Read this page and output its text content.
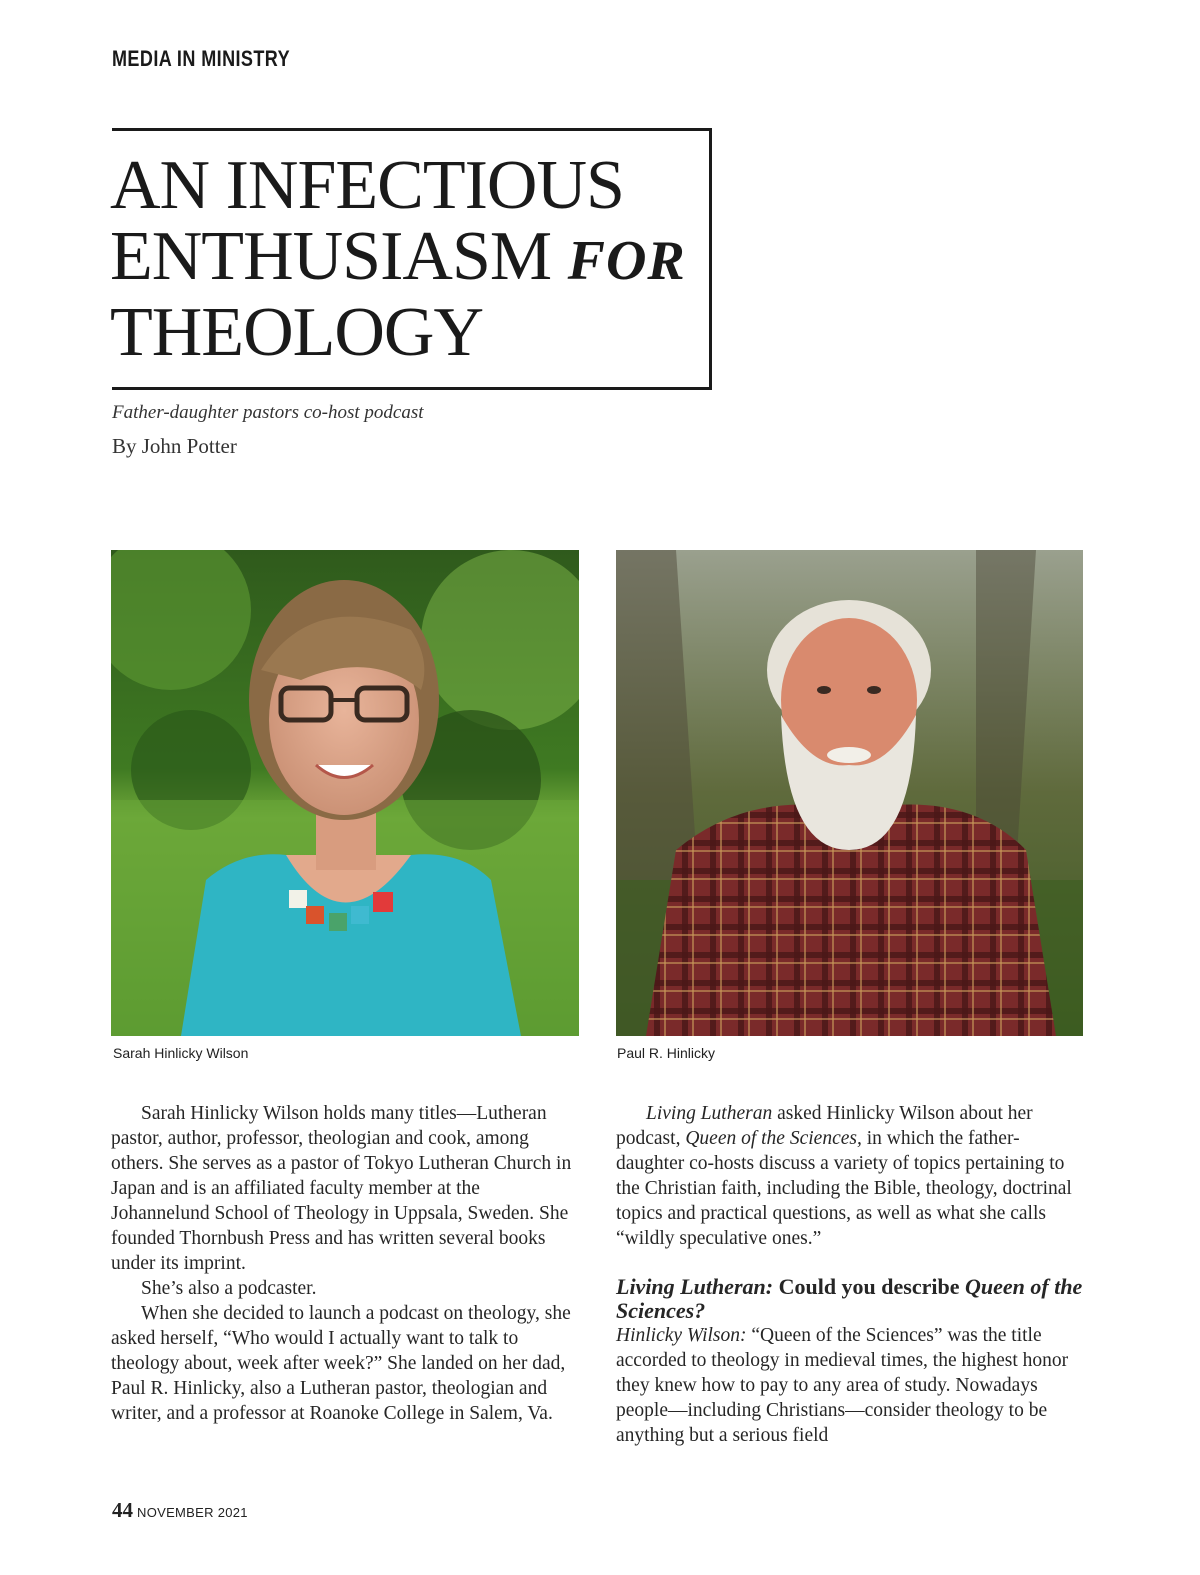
MEDIA IN MINISTRY
AN INFECTIOUS
ENTHUSIASM FOR
THEOLOGY
Father-daughter pastors co-host podcast
By John Potter
Sarah Hinlicky Wilson	Paul R. Hinlicky

Sarah Hinlicky Wilson holds many titles—Lutheran pastor, author, professor, theologian and cook, among others. She serves as a pastor of Tokyo Lutheran Church in Japan and is an affiliated faculty member at the Johannelund School of Theology in Uppsala, Sweden. She founded Thornbush Press and has written several books under its imprint.

She’s also a podcaster.

When she decided to launch a podcast on theology, she asked herself, “Who would I actually want to talk to theology about, week after week?” She landed on her dad, Paul R. Hinlicky, also a Lutheran pastor, theologian and writer, and a professor at Roanoke College in Salem, Va.

Living Lutheran asked Hinlicky Wilson about her podcast, Queen of the Sciences, in which the father-daughter co-hosts discuss a variety of topics pertaining to the Christian faith, including the Bible, theology, doctrinal topics and practical questions, as well as what she calls “wildly speculative ones.”

Living Lutheran: Could you describe Queen of the Sciences?

Hinlicky Wilson: “Queen of the Sciences” was the title accorded to theology in medieval times, the highest honor they knew how to pay to any area of study. Nowadays people—including Christians—consider theology to be anything but a serious field

44 NOVEMBER 2021
